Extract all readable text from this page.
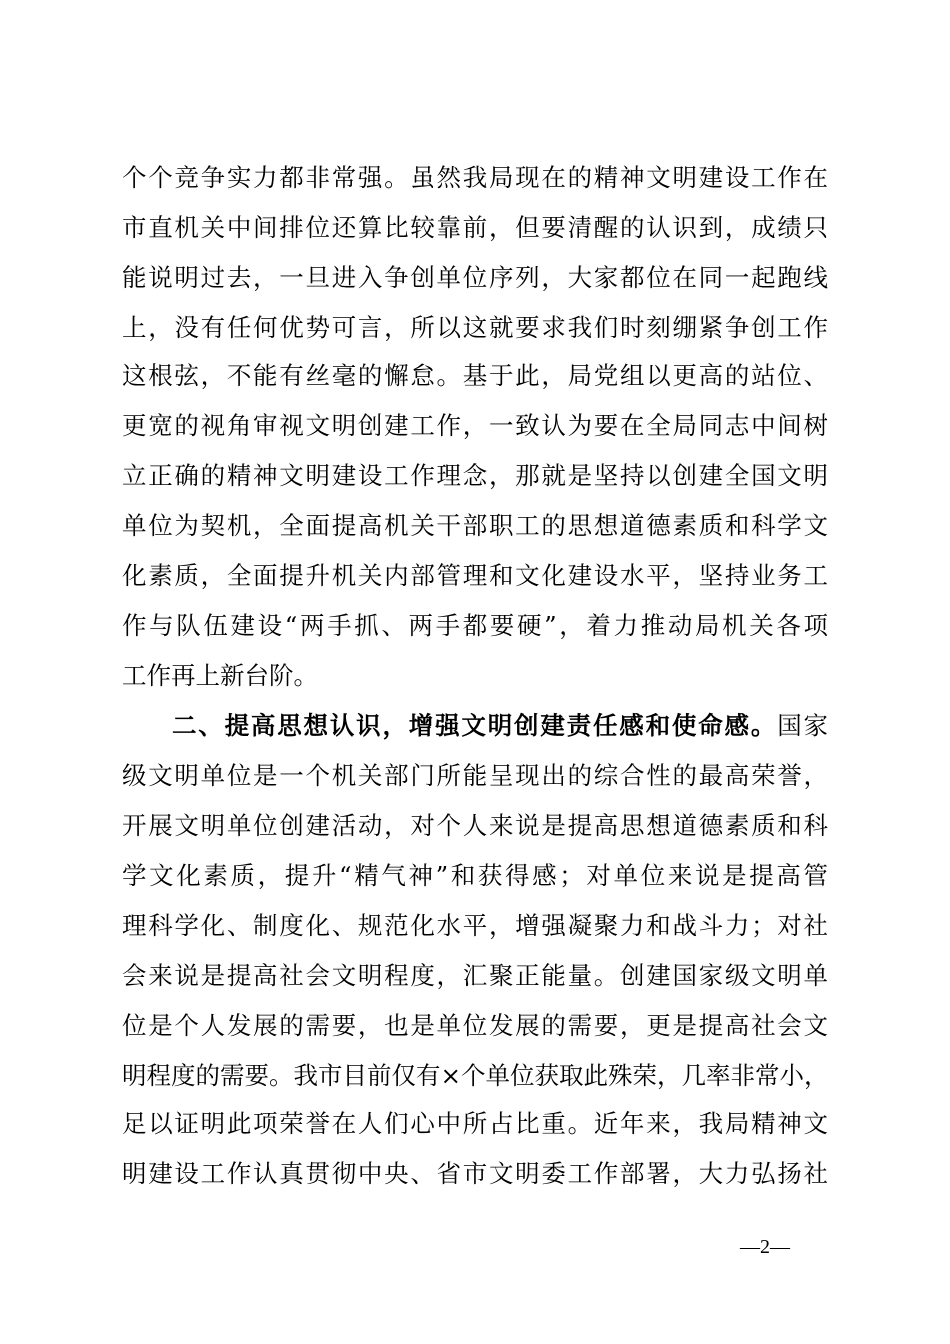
个个竞争实力都非常强。虽然我局现在的精神文明建设工作在
市直机关中间排位还算比较靠前，但要清醒的认识到，成绩只
能说明过去，一旦进入争创单位序列，大家都位在同一起跑线
上，没有任何优势可言，所以这就要求我们时刻绷紧争创工作
这根弦，不能有丝毫的懈怠。基于此，局党组以更高的站位、
更宽的视角审视文明创建工作，一致认为要在全局同志中间树
立正确的精神文明建设工作理念，那就是坚持以创建全国文明
单位为契机，全面提高机关干部职工的思想道德素质和科学文
化素质，全面提升机关内部管理和文化建设水平，坚持业务工
作与队伍建设“两手抓、两手都要硬”，着力推动局机关各项
工作再上新台阶。
二、提高思想认识，增强文明创建责任感和使命感。国家
级文明单位是一个机关部门所能呈现出的综合性的最高荣誉，
开展文明单位创建活动，对个人来说是提高思想道德素质和科
学文化素质，提升“精气神”和获得感；对单位来说是提高管
理科学化、制度化、规范化水平，增强凝聚力和战斗力；对社
会来说是提高社会文明程度，汇聚正能量。创建国家级文明单
位是个人发展的需要，也是单位发展的需要，更是提高社会文
明程度的需要。我市目前仅有×个单位获取此殊荣，几率非常小，
足以证明此项荣誉在人们心中所占比重。近年来，我局精神文
明建设工作认真贯彻中央、省市文明委工作部署，大力弘扬社
—2—
